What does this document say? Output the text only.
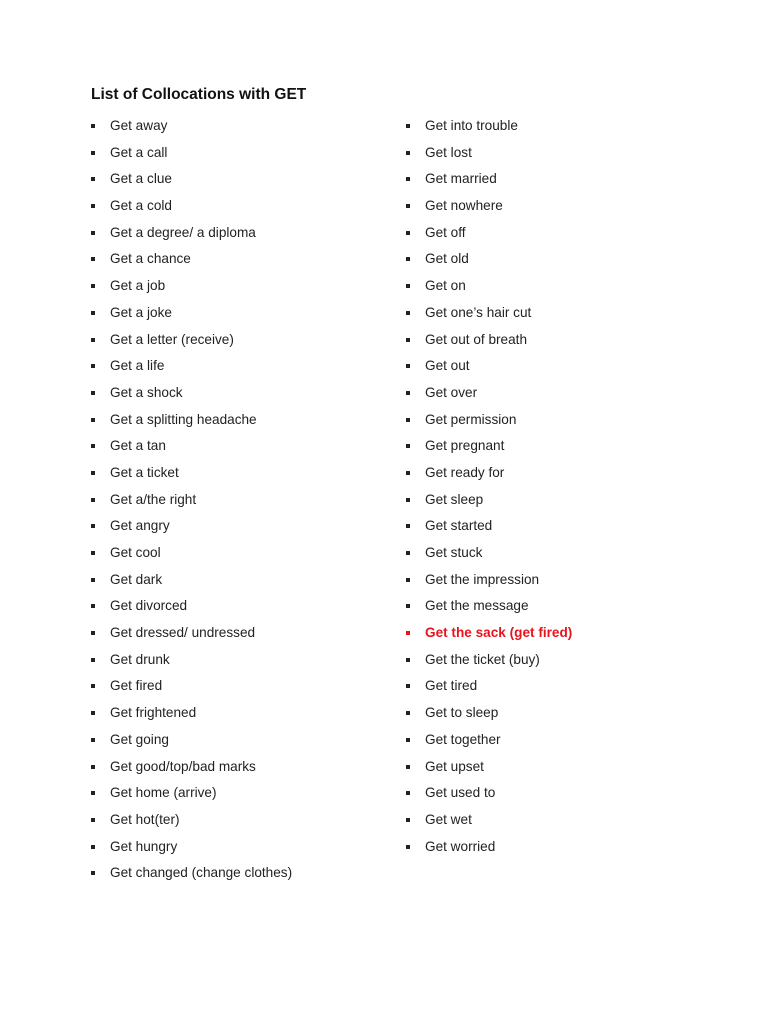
List of Collocations with GET
Get away
Get a call
Get a clue
Get a cold
Get a degree/ a diploma
Get a chance
Get a job
Get a joke
Get a letter (receive)
Get a life
Get a shock
Get a splitting headache
Get a tan
Get a ticket
Get a/the right
Get angry
Get cool
Get dark
Get divorced
Get dressed/ undressed
Get drunk
Get fired
Get frightened
Get going
Get good/top/bad marks
Get home (arrive)
Get hot(ter)
Get hungry
Get changed (change clothes)
Get into trouble
Get lost
Get married
Get nowhere
Get off
Get old
Get on
Get one’s hair cut
Get out of breath
Get out
Get over
Get permission
Get pregnant
Get ready for
Get sleep
Get started
Get stuck
Get the impression
Get the message
Get the sack (get fired)
Get the ticket (buy)
Get tired
Get to sleep
Get together
Get upset
Get used to
Get wet
Get worried
